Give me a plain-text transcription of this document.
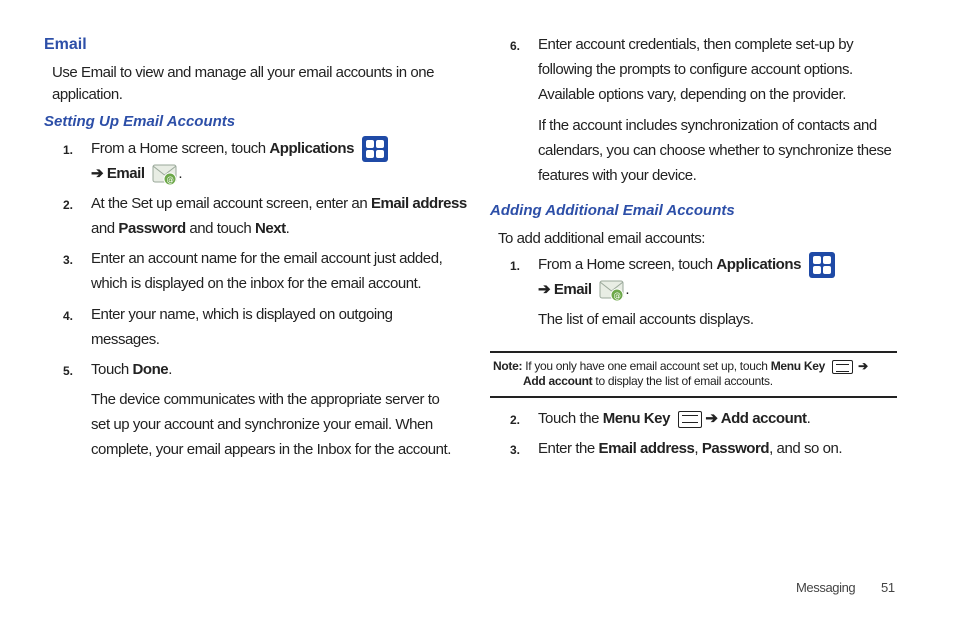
Email
Use Email to view and manage all your email accounts in one
application.
Setting Up Email Accounts
1. From a Home screen, touch Applications
➔ Email	@ .
2. At the Set up email account screen, enter an Email address
and Password and touch Next.
3. Enter an account name for the email account just added,
which is displayed on the inbox for the email account.
4. Enter your name, which is displayed on outgoing
messages.
5. Touch Done.
The device communicates with the appropriate server to
set up your account and synchronize your email. When
complete, your email appears in the Inbox for the account.
6. Enter account credentials, then complete set-up by
following the prompts to configure account options.
Available options vary, depending on the provider.
If the account includes synchronization of contacts and
calendars, you can choose whether to synchronize these
features with your device.
Adding Additional Email Accounts
To add additional email accounts:
1. From a Home screen, touch Applications
➔ Email	@ .
The list of email accounts displays.
Note: If you only have one email account set up, touch Menu Key	➔
Add account to display the list of email accounts.
2. Touch the Menu Key  ➔ Add account.
3. Enter the Email address, Password, and so on.
Messaging 51
